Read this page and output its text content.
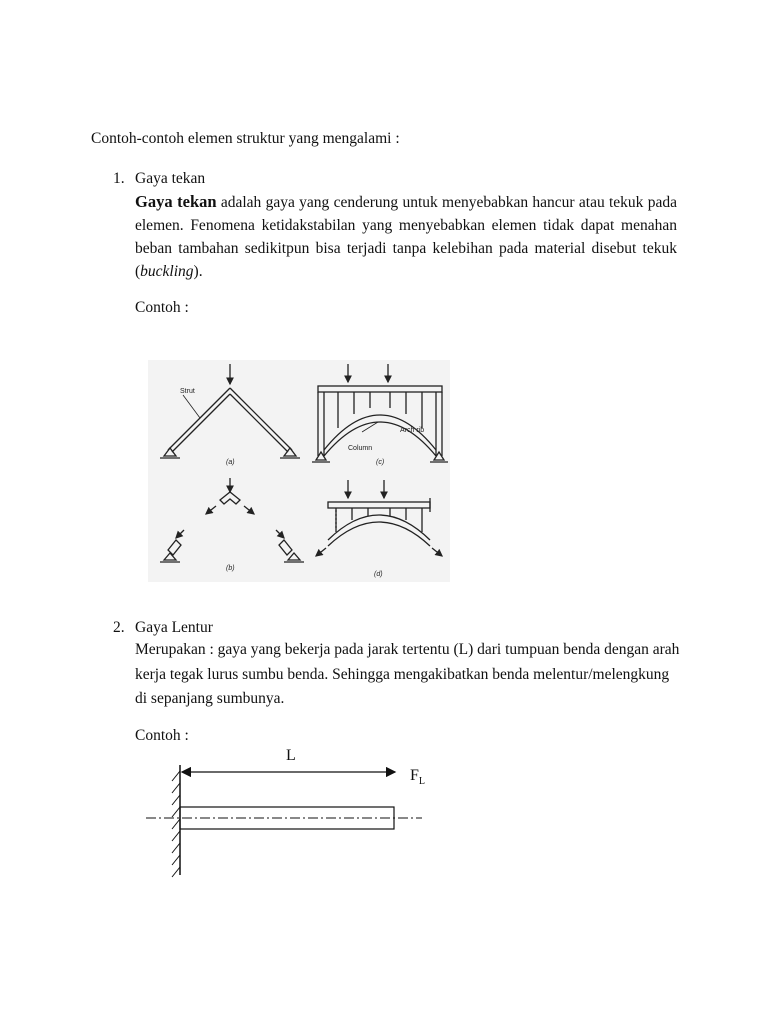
Contoh-contoh elemen struktur yang mengalami :
1. Gaya tekan
Gaya tekan adalah gaya yang cenderung untuk menyebabkan hancur atau tekuk pada elemen. Fenomena ketidakstabilan yang menyebabkan elemen tidak dapat menahan beban tambahan sedikitpun bisa terjadi tanpa kelebihan pada material disebut tekuk (buckling).
Contoh :
Strut
(a)
Arch rib
Column
(c)
(b)
(d)
2. Gaya Lentur
Merupakan : gaya yang bekerja pada jarak tertentu (L) dari tumpuan benda dengan arah kerja tegak lurus sumbu benda. Sehingga mengakibatkan benda melentur/melengkung di sepanjang sumbunya.
Contoh :
L
$F_L$
